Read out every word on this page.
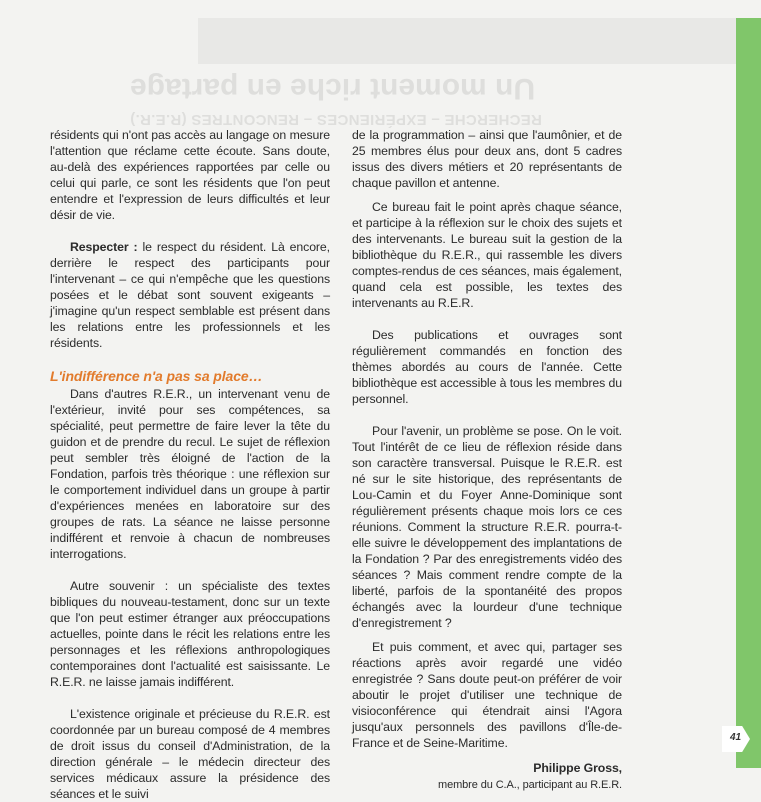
RECHERCHE – EXPÉRIENCES – RENCONTRES (R.E.R.)
Un moment riche en partage

résidents qui n'ont pas accès au langage on mesure l'attention que réclame cette écoute. Sans doute, au-delà des expériences rapportées par celle ou celui qui parle, ce sont les résidents que l'on peut entendre et l'expression de leurs difficultés et leur désir de vie.

Respecter : le respect du résident. Là encore, derrière le respect des participants pour l'intervenant – ce qui n'empêche que les questions posées et le débat sont souvent exigeants – j'imagine qu'un respect semblable est présent dans les relations entre les professionnels et les résidents.

L'indifférence n'a pas sa place…

Dans d'autres R.E.R., un intervenant venu de l'extérieur, invité pour ses compétences, sa spécialité, peut permettre de faire lever la tête du guidon et de prendre du recul. Le sujet de réflexion peut sembler très éloigné de l'action de la Fondation, parfois très théorique : une réflexion sur le comportement individuel dans un groupe à partir d'expériences menées en laboratoire sur des groupes de rats. La séance ne laisse personne indifférent et renvoie à chacun de nombreuses interrogations.

Autre souvenir : un spécialiste des textes bibliques du nouveau-testament, donc sur un texte que l'on peut estimer étranger aux préoccupations actuelles, pointe dans le récit les relations entre les personnages et les réflexions anthropologiques contemporaines dont l'actualité est saisissante. Le R.E.R. ne laisse jamais indifférent.

L'existence originale et précieuse du R.E.R. est coordonnée par un bureau composé de 4 membres de droit issus du conseil d'Administration, de la direction générale – le médecin directeur des services médicaux assure la présidence des séances et le suivi

de la programmation – ainsi que l'aumônier, et de 25 membres élus pour deux ans, dont 5 cadres issus des divers métiers et 20 représentants de chaque pavillon et antenne.

Ce bureau fait le point après chaque séance, et participe à la réflexion sur le choix des sujets et des intervenants. Le bureau suit la gestion de la bibliothèque du R.E.R., qui rassemble les divers comptes-rendus de ces séances, mais également, quand cela est possible, les textes des intervenants au R.E.R.

Des publications et ouvrages sont régulièrement commandés en fonction des thèmes abordés au cours de l'année. Cette bibliothèque est accessible à tous les membres du personnel.

Pour l'avenir, un problème se pose. On le voit. Tout l'intérêt de ce lieu de réflexion réside dans son caractère transversal. Puisque le R.E.R. est né sur le site historique, des représentants de Lou-Camin et du Foyer Anne-Dominique sont régulièrement présents chaque mois lors ce ces réunions. Comment la structure R.E.R. pourra-t-elle suivre le développement des implantations de la Fondation ? Par des enregistrements vidéo des séances ? Mais comment rendre compte de la liberté, parfois de la spontanéité des propos échangés avec la lourdeur d'une technique d'enregistrement ?

Et puis comment, et avec qui, partager ses réactions après avoir regardé une vidéo enregistrée ? Sans doute peut-on préférer de voir aboutir le projet d'utiliser une technique de visioconférence qui étendrait ainsi l'Agora jusqu'aux personnels des pavillons d'Île-de-France et de Seine-Maritime.

Philippe Gross,
membre du C.A., participant au R.E.R.
41
